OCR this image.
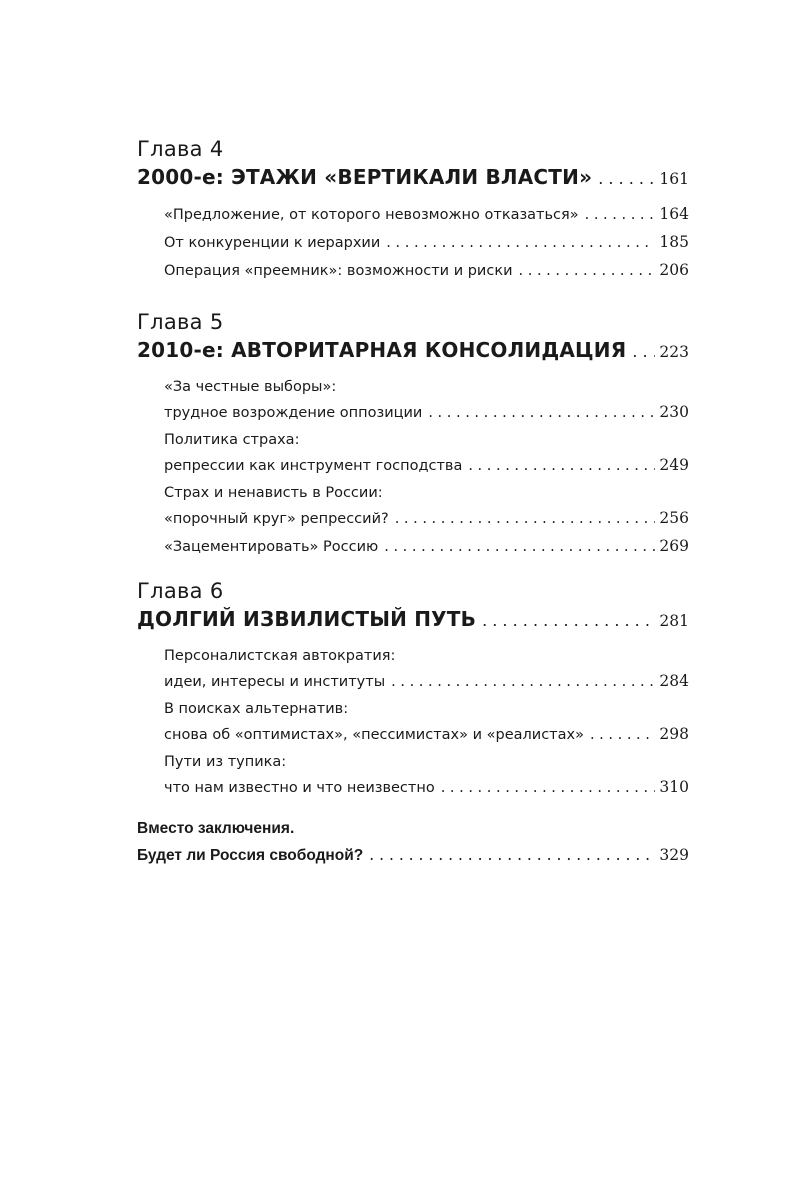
Глава 4
2000-е: ЭТАЖИ «ВЕРТИКАЛИ ВЛАСТИ» . . .	161
«Предложение, от которого невозможно отказаться» . . .	164
От конкуренции к иерархии . . .	185
Операция «преемник»: возможности и риски . . .	206
Глава 5
2010-е: АВТОРИТАРНАЯ КОНСОЛИДАЦИЯ . . . 223
«За честные выборы»:
трудное возрождение оппозиции . . .	230
Политика страха:
репрессии как инструмент господства . . .	249
Страх и ненависть в России:
«порочный круг» репрессий? . . .	256
«Зацементировать» Россию . . .	269
Глава 6
ДОЛГИЙ ИЗВИЛИСТЫЙ ПУТЬ . . .	281
Персоналистская автократия:
идеи, интересы и институты . . .	284
В поисках альтернатив:
снова об «оптимистах», «пессимистах» и «реалистах» . . .	298
Пути из тупика:
что нам известно и что неизвестно . . .	310
Вместо заключения.
Будет ли Россия свободной? . . .	329
